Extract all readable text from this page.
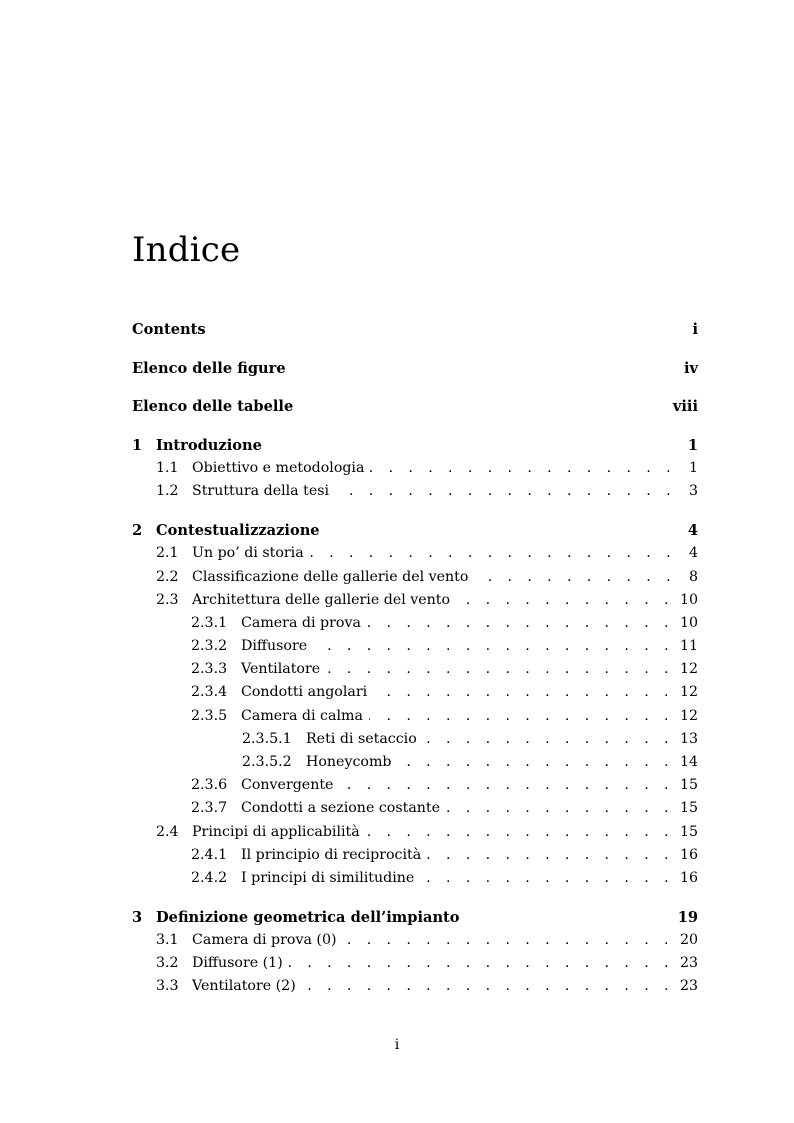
Indice
Contents	i
Elenco delle figure	iv
Elenco delle tabelle	viii
1 Introduzione	1
1.1 Obiettivo e metodologia . . .	1
1.2 Struttura della tesi . . .	3
2 Contestualizzazione	4
2.1 Un po’ di storia . . .	4
2.2 Classificazione delle gallerie del vento . . .	8
2.3 Architettura delle gallerie del vento . . .	10
2.3.1 Camera di prova . . .	10
2.3.2 Diffusore . . .	11
2.3.3 Ventilatore . . .	12
2.3.4 Condotti angolari . . .	12
2.3.5 Camera di calma . . .	12
2.3.5.1	Reti di setaccio . . .	13
2.3.5.2	Honeycomb . . .	14
2.3.6 Convergente . . .	15
2.3.7 Condotti a sezione costante . . .	15
2.4 Principi di applicabilità . . .	15
2.4.1 Il principio di reciprocità . . .	16
2.4.2 I principi di similitudine . . .	16
3 Definizione geometrica dell’impianto	19
3.1 Camera di prova (0) . . .	20
3.2 Diffusore (1) . . .	23
3.3 Ventilatore (2) . . .	23
i
